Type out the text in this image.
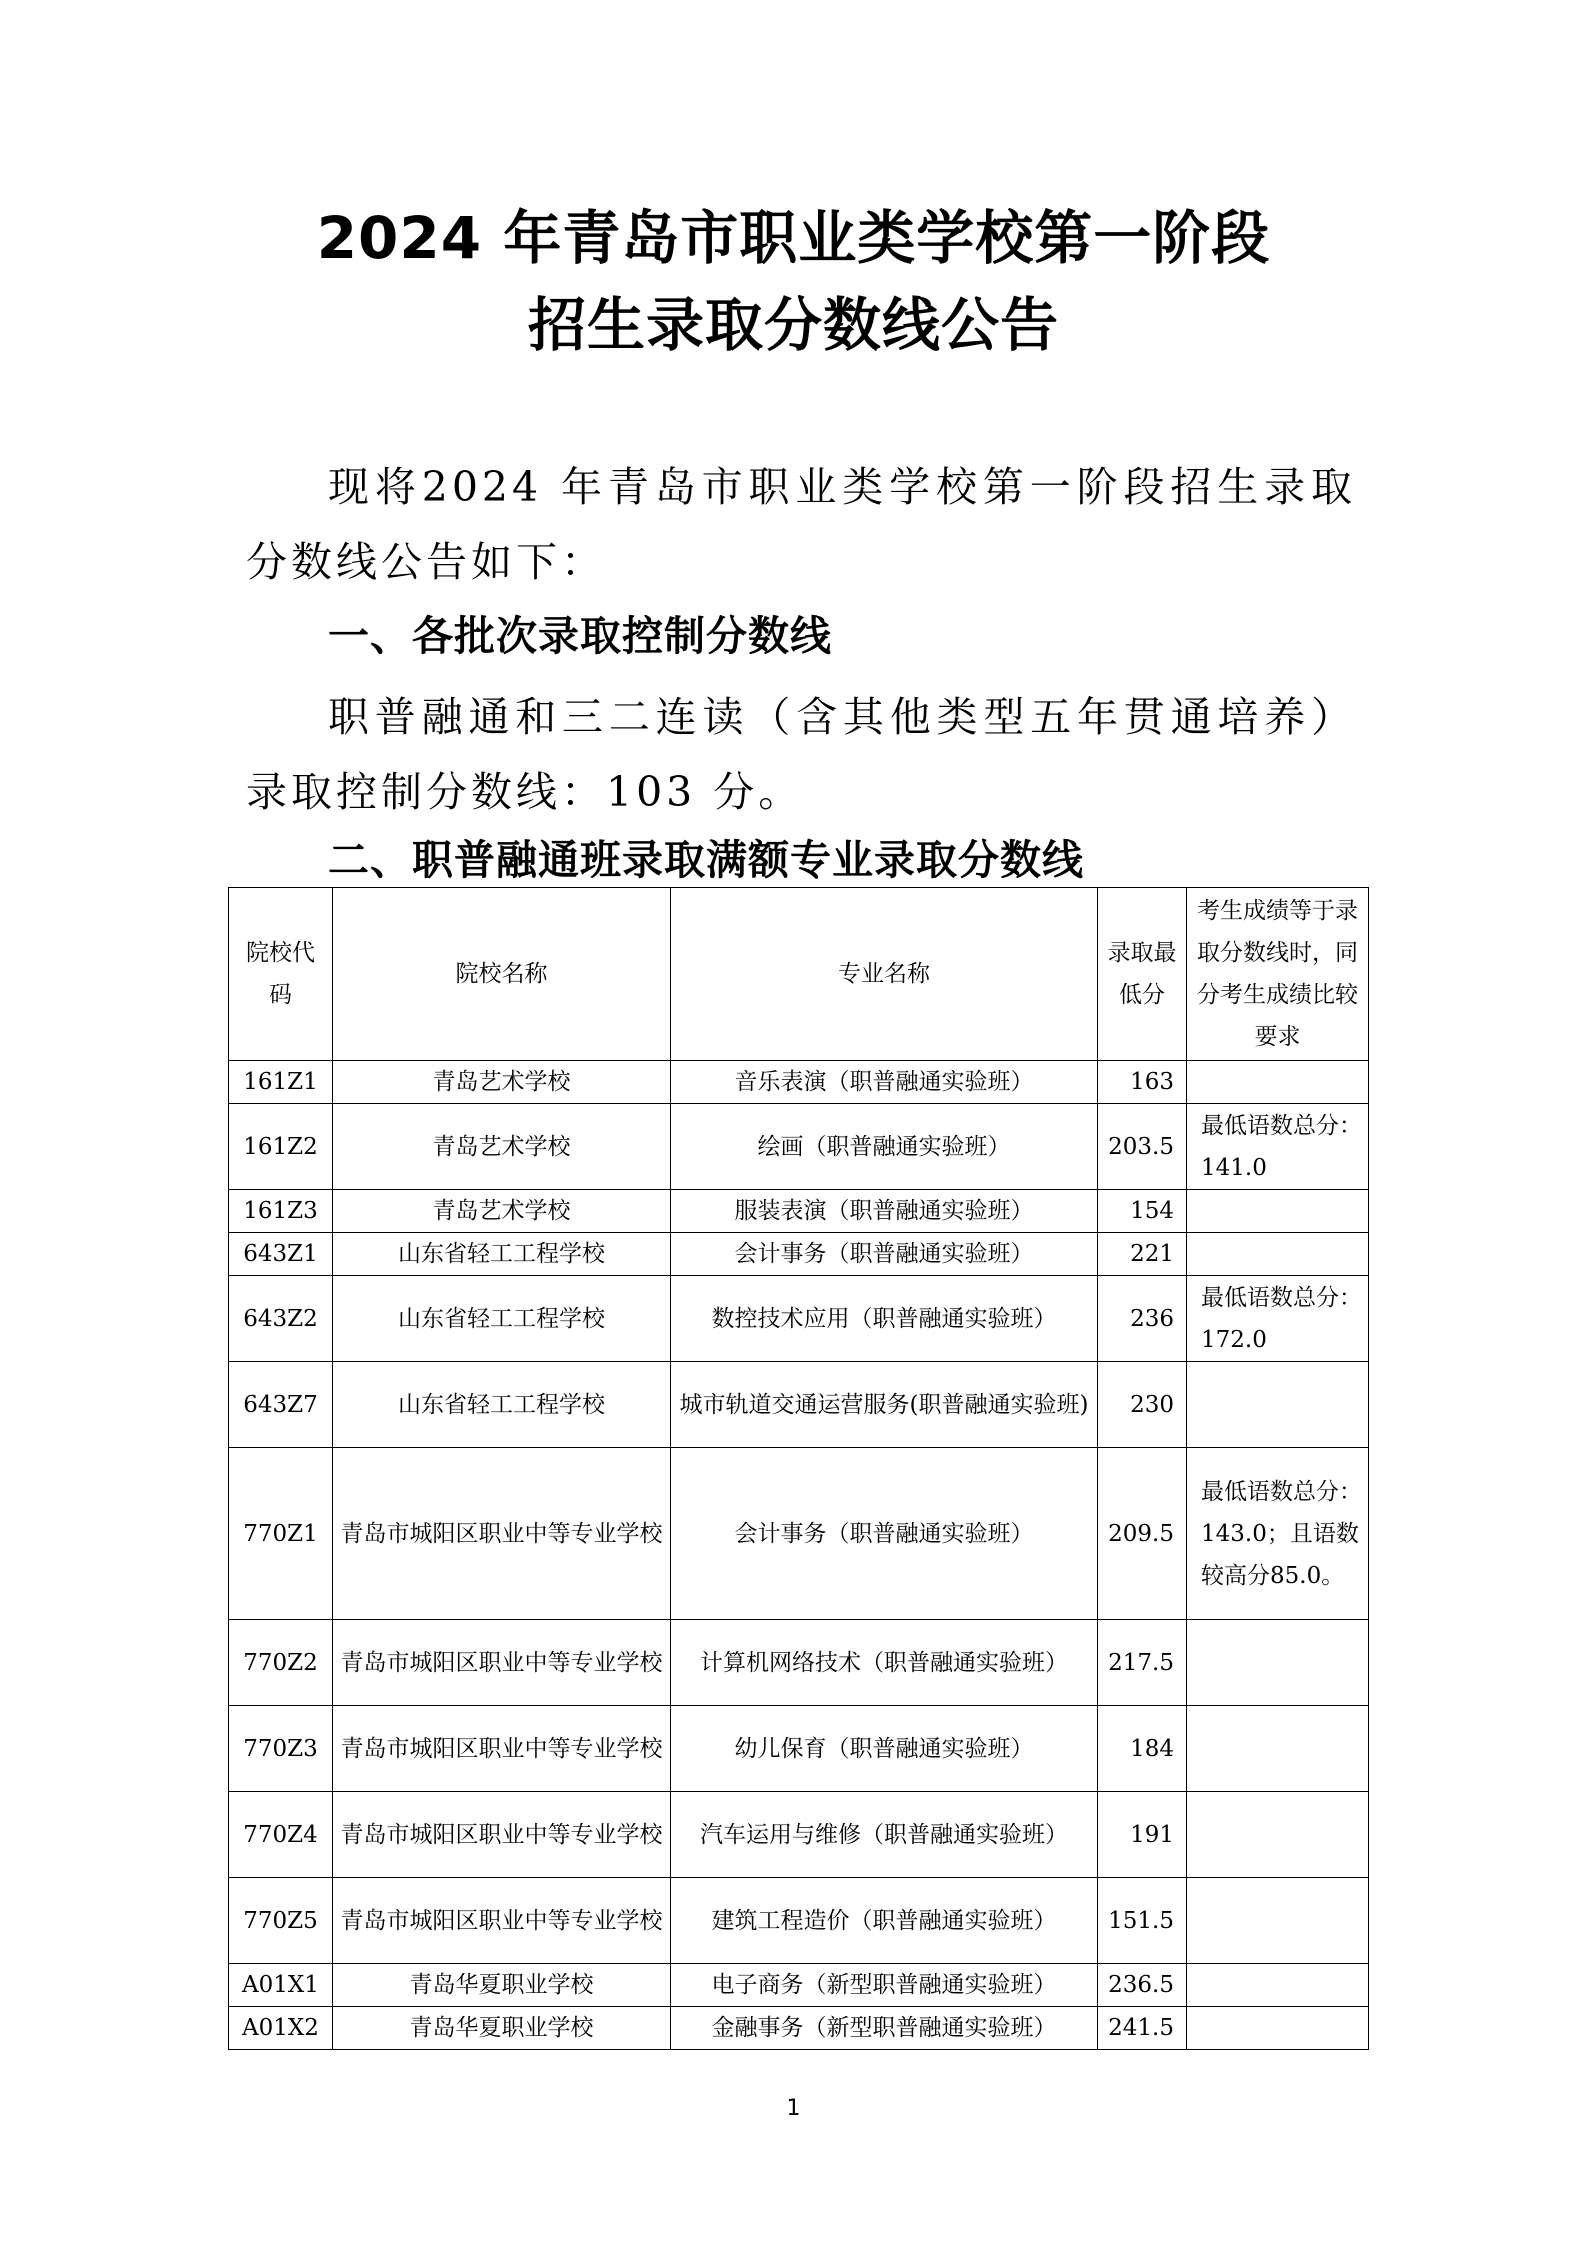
2024 年青岛市职业类学校第一阶段
招生录取分数线公告
现将2024 年青岛市职业类学校第一阶段招生录取分数线公告如下：
一、各批次录取控制分数线
职普融通和三二连读（含其他类型五年贯通培养）录取控制分数线：103 分。
二、职普融通班录取满额专业录取分数线
院校代码	院校名称	专业名称	录取最低分	考生成绩等于录取分数线时，同分考生成绩比较要求
161Z1	青岛艺术学校	音乐表演（职普融通实验班）	163	
161Z2	青岛艺术学校	绘画（职普融通实验班）	203.5	最低语数总分：141.0
161Z3	青岛艺术学校	服装表演（职普融通实验班）	154	
643Z1	山东省轻工工程学校	会计事务（职普融通实验班）	221	
643Z2	山东省轻工工程学校	数控技术应用（职普融通实验班）	236	最低语数总分：172.0
643Z7	山东省轻工工程学校	城市轨道交通运营服务(职普融通实验班)	230	
770Z1	青岛市城阳区职业中等专业学校	会计事务（职普融通实验班）	209.5	最低语数总分：143.0；且语数较高分85.0。
770Z2	青岛市城阳区职业中等专业学校	计算机网络技术（职普融通实验班）	217.5	
770Z3	青岛市城阳区职业中等专业学校	幼儿保育（职普融通实验班）	184	
770Z4	青岛市城阳区职业中等专业学校	汽车运用与维修（职普融通实验班）	191	
770Z5	青岛市城阳区职业中等专业学校	建筑工程造价（职普融通实验班）	151.5	
A01X1	青岛华夏职业学校	电子商务（新型职普融通实验班）	236.5	
A01X2	青岛华夏职业学校	金融事务（新型职普融通实验班）	241.5	
1
